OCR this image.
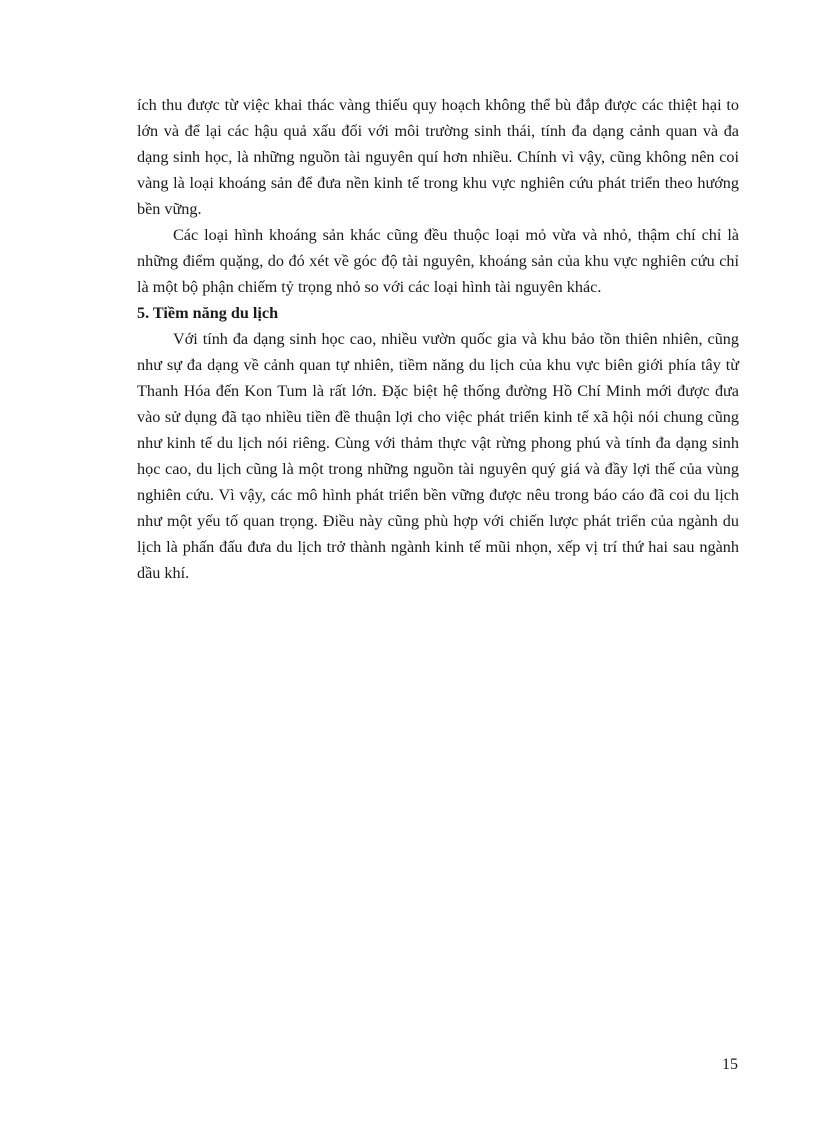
ích thu được từ việc khai thác vàng thiếu quy hoạch không thể bù đắp được các thiệt hại to lớn và để lại các hậu quả xấu đối với môi trường sinh thái, tính đa dạng cảnh quan và đa dạng sinh học, là những nguồn tài nguyên quí hơn nhiều. Chính vì vậy, cũng không nên coi vàng là loại khoáng sản để đưa nền kinh tế trong khu vực nghiên cứu phát triển theo hướng bền vững.

Các loại hình khoáng sản khác cũng đều thuộc loại mỏ vừa và nhỏ, thậm chí chỉ là những điểm quặng, do đó xét về góc độ tài nguyên, khoáng sản của khu vực nghiên cứu chỉ là một bộ phận chiếm tỷ trọng nhỏ so với các loại hình tài nguyên khác.

5. Tiềm năng du lịch

Với tính đa dạng sinh học cao, nhiều vườn quốc gia và khu bảo tồn thiên nhiên, cũng như sự đa dạng về cảnh quan tự nhiên, tiềm năng du lịch của khu vực biên giới phía tây từ Thanh Hóa đến Kon Tum là rất lớn. Đặc biệt hệ thống đường Hồ Chí Minh mới được đưa vào sử dụng đã tạo nhiều tiền đề thuận lợi cho việc phát triển kinh tế xã hội nói chung cũng như kinh tế du lịch nói riêng. Cùng với thảm thực vật rừng phong phú và tính đa dạng sinh học cao, du lịch cũng là một trong những nguồn tài nguyên quý giá và đầy lợi thế của vùng nghiên cứu. Vì vậy, các mô hình phát triển bền vững được nêu trong báo cáo đã coi du lịch như một yếu tố quan trọng. Điều này cũng phù hợp với chiến lược phát triển của ngành du lịch là phấn đấu đưa du lịch trở thành ngành kinh tế mũi nhọn, xếp vị trí thứ hai sau ngành dầu khí.

15
